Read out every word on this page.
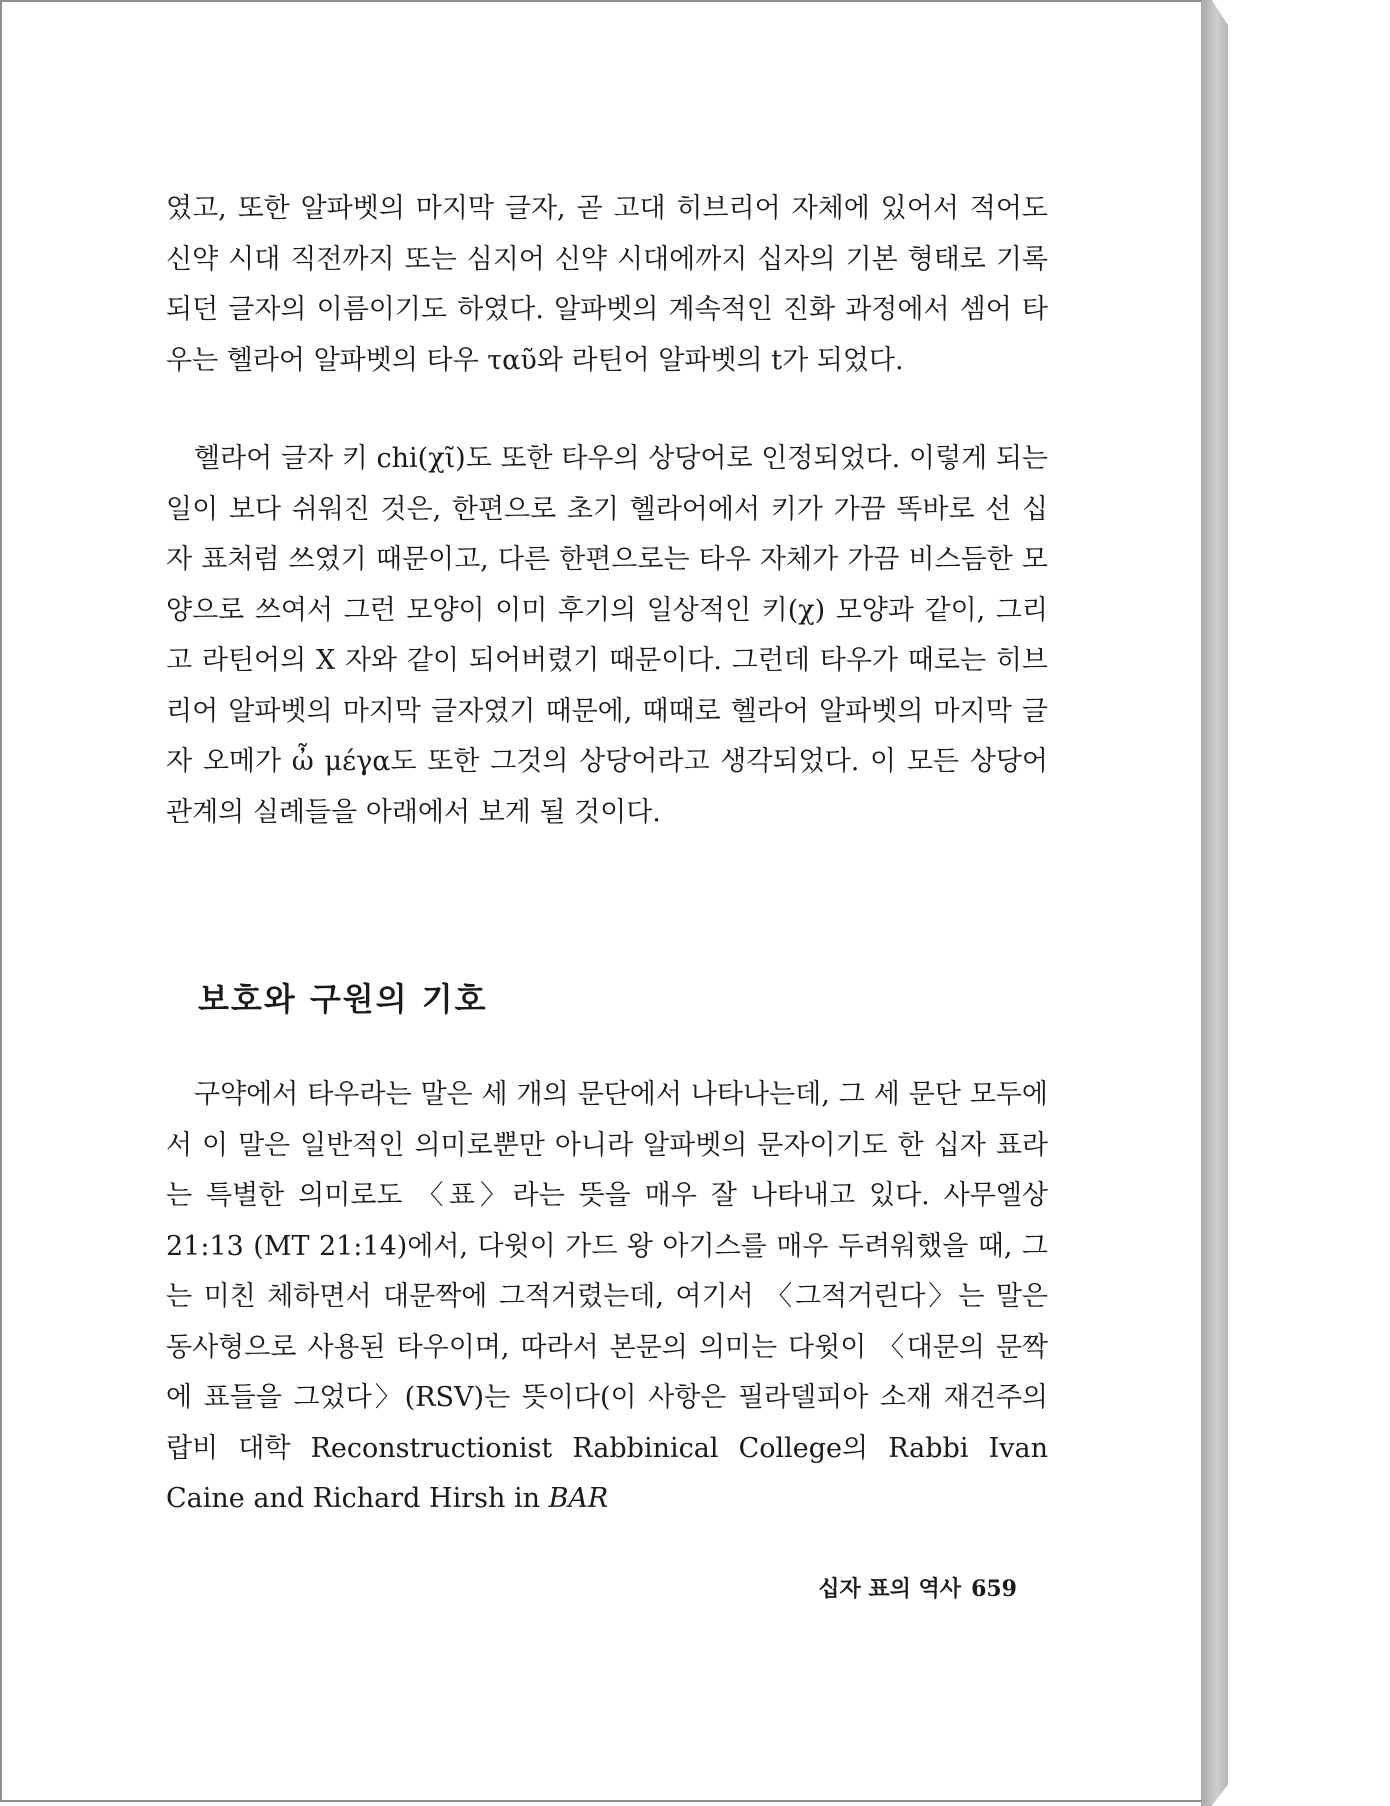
였고, 또한 알파벳의 마지막 글자, 곧 고대 히브리어 자체에 있어서 적어도 신약 시대 직전까지 또는 심지어 신약 시대에까지 십자의 기본 형태로 기록되던 글자의 이름이기도 하였다. 알파벳의 계속적인 진화 과정에서 셈어 타우는 헬라어 알파벳의 타우 ταῦ와 라틴어 알파벳의 t가 되었다.

헬라어 글자 키 chi(χῖ)도 또한 타우의 상당어로 인정되었다. 이렇게 되는 일이 보다 쉬워진 것은, 한편으로 초기 헬라어에서 키가 가끔 똑바로 선 십자 표처럼 쓰였기 때문이고, 다른 한편으로는 타우 자체가 가끔 비스듬한 모양으로 쓰여서 그런 모양이 이미 후기의 일상적인 키(χ) 모양과 같이, 그리고 라틴어의 X 자와 같이 되어버렸기 때문이다. 그런데 타우가 때로는 히브리어 알파벳의 마지막 글자였기 때문에, 때때로 헬라어 알파벳의 마지막 글자 오메가 ὦ μέγα도 또한 그것의 상당어라고 생각되었다. 이 모든 상당어 관계의 실례들을 아래에서 보게 될 것이다.

보호와 구원의 기호

구약에서 타우라는 말은 세 개의 문단에서 나타나는데, 그 세 문단 모두에서 이 말은 일반적인 의미로뿐만 아니라 알파벳의 문자이기도 한 십자 표라는 특별한 의미로도 〈표〉라는 뜻을 매우 잘 나타내고 있다. 사무엘상 21:13 (MT 21:14)에서, 다윗이 가드 왕 아기스를 매우 두려워했을 때, 그는 미친 체하면서 대문짝에 그적거렸는데, 여기서 〈그적거린다〉는 말은 동사형으로 사용된 타우이며, 따라서 본문의 의미는 다윗이 〈대문의 문짝에 표들을 그었다〉(RSV)는 뜻이다(이 사항은 필라델피아 소재 재건주의 랍비 대학 Reconstructionist Rabbinical College의 Rabbi Ivan Caine and Richard Hirsh in BAR

십자 표의 역사 659
